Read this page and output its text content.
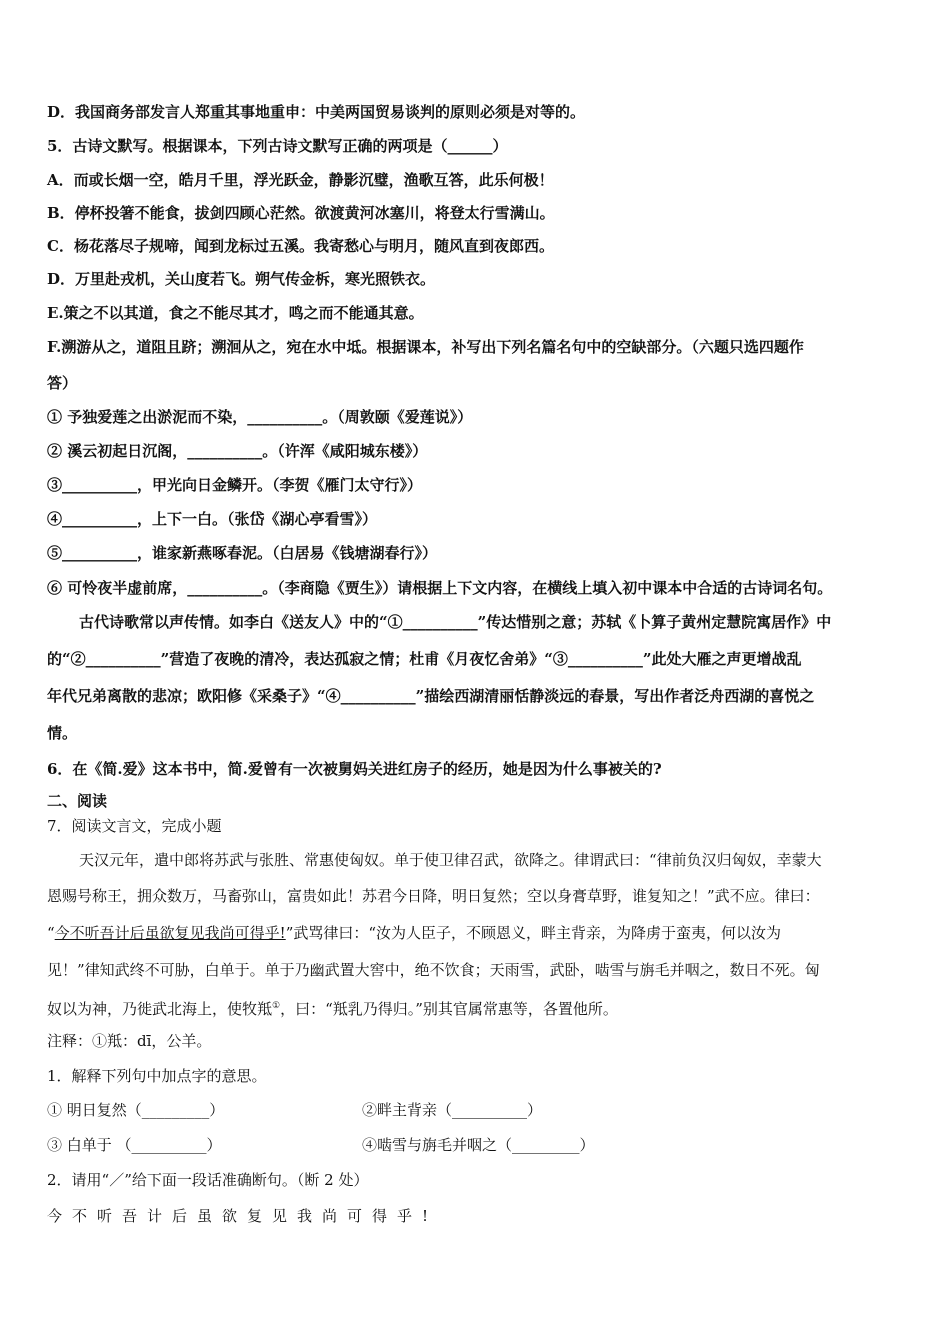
D．我国商务部发言人郑重其事地重申：中美两国贸易谈判的原则必须是对等的。
5．古诗文默写。根据课本，下列古诗文默写正确的两项是（______）
A．而或长烟一空，皓月千里，浮光跃金，静影沉璧，渔歌互答，此乐何极！
B．停杯投箸不能食，拔剑四顾心茫然。欲渡黄河冰塞川，将登太行雪满山。
C．杨花落尽子规啼，闻到龙标过五溪。我寄愁心与明月，随风直到夜郎西。
D．万里赴戎机，关山度若飞。朔气传金柝，寒光照铁衣。
E.策之不以其道，食之不能尽其才，鸣之而不能通其意。
F.溯游从之，道阻且跻；溯洄从之，宛在水中坻。根据课本，补写出下列名篇名句中的空缺部分。（六题只选四题作
答）
① 予独爱莲之出淤泥而不染，__________。（周敦颐《爱莲说》）
② 溪云初起日沉阁，__________。（许浑《咸阳城东楼》）
③__________，甲光向日金鳞开。（李贺《雁门太守行》）
④__________，上下一白。（张岱《湖心亭看雪》）
⑤__________，谁家新燕啄春泥。（白居易《钱塘湖春行》）
⑥ 可怜夜半虚前席，__________。（李商隐《贾生》）请根据上下文内容，在横线上填入初中课本中合适的古诗词名句。
古代诗歌常以声传情。如李白《送友人》中的“①__________”传达惜别之意；苏轼《卜算子黄州定慧院寓居作》中
的“②__________”营造了夜晚的清冷，表达孤寂之情；杜甫《月夜忆舍弟》“③__________”此处大雁之声更增战乱
年代兄弟离散的悲凉；欧阳修《采桑子》“④__________”描绘西湖清丽恬静淡远的春景，写出作者泛舟西湖的喜悦之
情。
6．在《简.爱》这本书中，简.爱曾有一次被舅妈关进红房子的经历，她是因为什么事被关的?
二、阅读
7．阅读文言文，完成小题
天汉元年，遣中郎将苏武与张胜、常惠使匈奴。单于使卫律召武，欲降之。律谓武曰：“律前负汉归匈奴，幸蒙大
恩赐号称王，拥众数万，马畜弥山，富贵如此！苏君今日降，明日复然；空以身膏草野，谁复知之！”武不应。律曰：
“今不听吾计后虽欲复见我尚可得乎!”武骂律曰：“汝为人臣子，不顾恩义，畔主背亲，为降虏于蛮夷，何以汝为
见！”律知武终不可胁，白单于。单于乃幽武置大窖中，绝不饮食；天雨雪，武卧，啮雪与旃毛并咽之，数日不死。匈
奴以为神，乃徙武北海上，使牧羝①，曰：“羝乳乃得归。”别其官属常惠等，各置他所。
注释：①羝：dī，公羊。
1．解释下列句中加点字的意思。
① 明日复然（_________）	②畔主背亲（__________）
③ 白单于 （__________）	④啮雪与旃毛并咽之（_________）
2．请用“／”给下面一段话准确断句。（断 2 处）
今不听吾计后虽欲复见我尚可得乎!
